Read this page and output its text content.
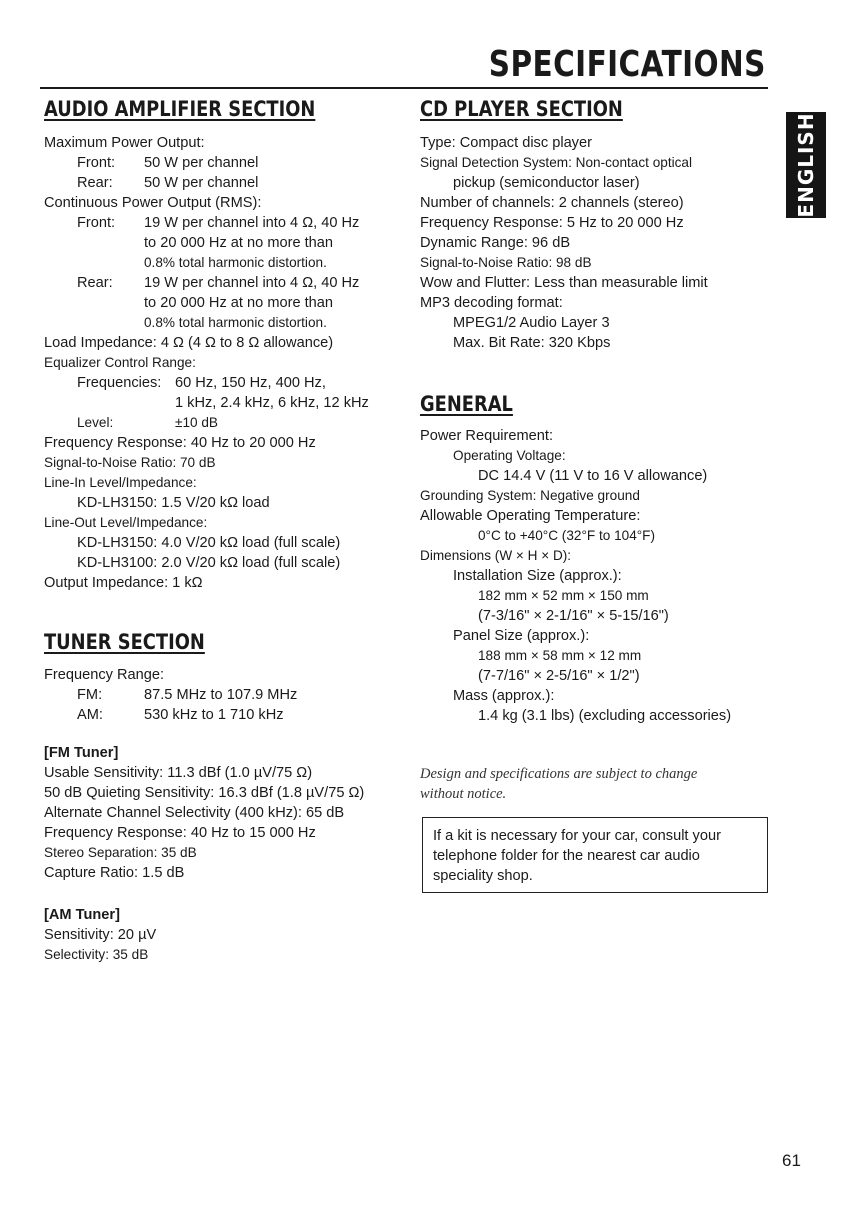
SPECIFICATIONS
ENGLISH
AUDIO AMPLIFIER SECTION
Maximum Power Output:
Front: 50 W per channel
Rear: 50 W per channel
Continuous Power Output (RMS):
Front: 19 W per channel into 4 Ω, 40 Hz
to 20 000 Hz at no more than
0.8% total harmonic distortion.
Rear: 19 W per channel into 4 Ω, 40 Hz
to 20 000 Hz at no more than
0.8% total harmonic distortion.
Load Impedance: 4 Ω (4 Ω to 8 Ω allowance)
Equalizer Control Range:
Frequencies: 60 Hz, 150 Hz, 400 Hz,
1 kHz, 2.4 kHz, 6 kHz, 12 kHz
Level:	±10 dB
Frequency Response: 40 Hz to 20 000 Hz
Signal-to-Noise Ratio: 70 dB
Line-In Level/Impedance:
KD-LH3150: 1.5 V/20 kΩ load
Line-Out Level/Impedance:
KD-LH3150: 4.0 V/20 kΩ load (full scale)
KD-LH3100: 2.0 V/20 kΩ load (full scale)
Output Impedance: 1 kΩ
TUNER SECTION
Frequency Range:
FM:	87.5 MHz to 107.9 MHz
AM:	530 kHz to 1 710 kHz
[FM Tuner]
Usable Sensitivity: 11.3 dBf (1.0 µV/75 Ω)
50 dB Quieting Sensitivity: 16.3 dBf (1.8 µV/75 Ω)
Alternate Channel Selectivity (400 kHz): 65 dB
Frequency Response: 40 Hz to 15 000 Hz
Stereo Separation: 35 dB
Capture Ratio: 1.5 dB
[AM Tuner]
Sensitivity: 20 µV
Selectivity: 35 dB
CD PLAYER SECTION
Type: Compact disc player
Signal Detection System: Non-contact optical
pickup (semiconductor laser)
Number of channels: 2 channels (stereo)
Frequency Response: 5 Hz to 20 000 Hz
Dynamic Range: 96 dB
Signal-to-Noise Ratio: 98 dB
Wow and Flutter: Less than measurable limit
MP3 decoding format:
MPEG1/2 Audio Layer 3
Max. Bit Rate: 320 Kbps
GENERAL
Power Requirement:
Operating Voltage:
DC 14.4 V (11 V to 16 V allowance)
Grounding System: Negative ground
Allowable Operating Temperature:
0°C to +40°C (32°F to 104°F)
Dimensions (W × H × D):
Installation Size (approx.):
182 mm × 52 mm × 150 mm
(7-3/16" × 2-1/16" × 5-15/16")
Panel Size (approx.):
188 mm × 58 mm × 12 mm
(7-7/16" × 2-5/16" × 1/2")
Mass (approx.):
1.4 kg (3.1 lbs) (excluding accessories)
Design and specifications are subject to change
without notice.
If a kit is necessary for your car, consult your
telephone folder for the nearest car audio
speciality shop.
61
